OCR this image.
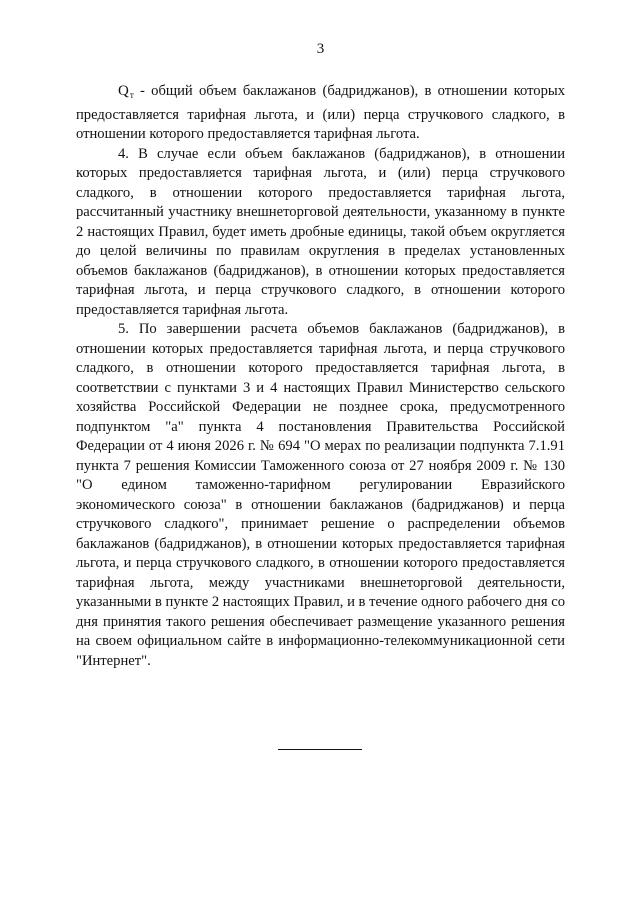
3

$Q_т$ - общий объем баклажанов (бадриджанов), в отношении которых предоставляется тарифная льгота, и (или) перца стручкового сладкого, в отношении которого предоставляется тарифная льгота.

4. В случае если объем баклажанов (бадриджанов), в отношении которых предоставляется тарифная льгота, и (или) перца стручкового сладкого, в отношении которого предоставляется тарифная льгота, рассчитанный участнику внешнеторговой деятельности, указанному в пункте 2 настоящих Правил, будет иметь дробные единицы, такой объем округляется до целой величины по правилам округления в пределах установленных объемов баклажанов (бадриджанов), в отношении которых предоставляется тарифная льгота, и перца стручкового сладкого, в отношении которого предоставляется тарифная льгота.

5. По завершении расчета объемов баклажанов (бадриджанов), в отношении которых предоставляется тарифная льгота, и перца стручкового сладкого, в отношении которого предоставляется тарифная льгота, в соответствии с пунктами 3 и 4 настоящих Правил Министерство сельского хозяйства Российской Федерации не позднее срока, предусмотренного подпунктом "а" пункта 4 постановления Правительства Российской Федерации от 4 июня 2026 г. № 694 "О мерах по реализации подпункта 7.1.91 пункта 7 решения Комиссии Таможенного союза от 27 ноября 2009 г. № 130 "О едином таможенно-тарифном регулировании Евразийского экономического союза" в отношении баклажанов (бадриджанов) и перца стручкового сладкого", принимает решение о распределении объемов баклажанов (бадриджанов), в отношении которых предоставляется тарифная льгота, и перца стручкового сладкого, в отношении которого предоставляется тарифная льгота, между участниками внешнеторговой деятельности, указанными в пункте 2 настоящих Правил, и в течение одного рабочего дня со дня принятия такого решения обеспечивает размещение указанного решения на своем официальном сайте в информационно-телекоммуникационной сети "Интернет".
